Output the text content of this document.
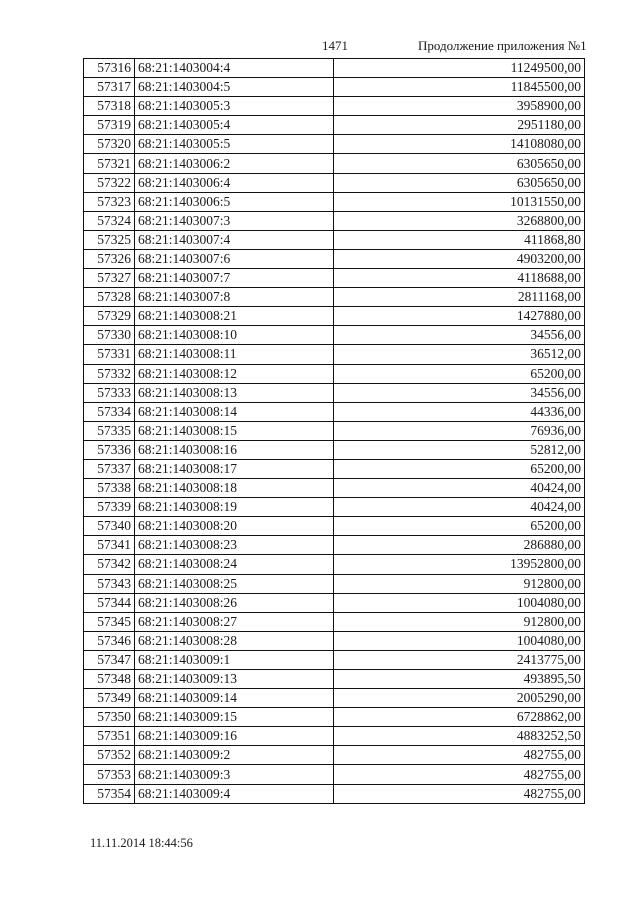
1471	Продолжение приложения №1
57316	68:21:1403004:4	11249500,00
57317	68:21:1403004:5	11845500,00
57318	68:21:1403005:3	3958900,00
57319	68:21:1403005:4	2951180,00
57320	68:21:1403005:5	14108080,00
57321	68:21:1403006:2	6305650,00
57322	68:21:1403006:4	6305650,00
57323	68:21:1403006:5	10131550,00
57324	68:21:1403007:3	3268800,00
57325	68:21:1403007:4	411868,80
57326	68:21:1403007:6	4903200,00
57327	68:21:1403007:7	4118688,00
57328	68:21:1403007:8	2811168,00
57329	68:21:1403008:21	1427880,00
57330	68:21:1403008:10	34556,00
57331	68:21:1403008:11	36512,00
57332	68:21:1403008:12	65200,00
57333	68:21:1403008:13	34556,00
57334	68:21:1403008:14	44336,00
57335	68:21:1403008:15	76936,00
57336	68:21:1403008:16	52812,00
57337	68:21:1403008:17	65200,00
57338	68:21:1403008:18	40424,00
57339	68:21:1403008:19	40424,00
57340	68:21:1403008:20	65200,00
57341	68:21:1403008:23	286880,00
57342	68:21:1403008:24	13952800,00
57343	68:21:1403008:25	912800,00
57344	68:21:1403008:26	1004080,00
57345	68:21:1403008:27	912800,00
57346	68:21:1403008:28	1004080,00
57347	68:21:1403009:1	2413775,00
57348	68:21:1403009:13	493895,50
57349	68:21:1403009:14	2005290,00
57350	68:21:1403009:15	6728862,00
57351	68:21:1403009:16	4883252,50
57352	68:21:1403009:2	482755,00
57353	68:21:1403009:3	482755,00
57354	68:21:1403009:4	482755,00
11.11.2014 18:44:56
